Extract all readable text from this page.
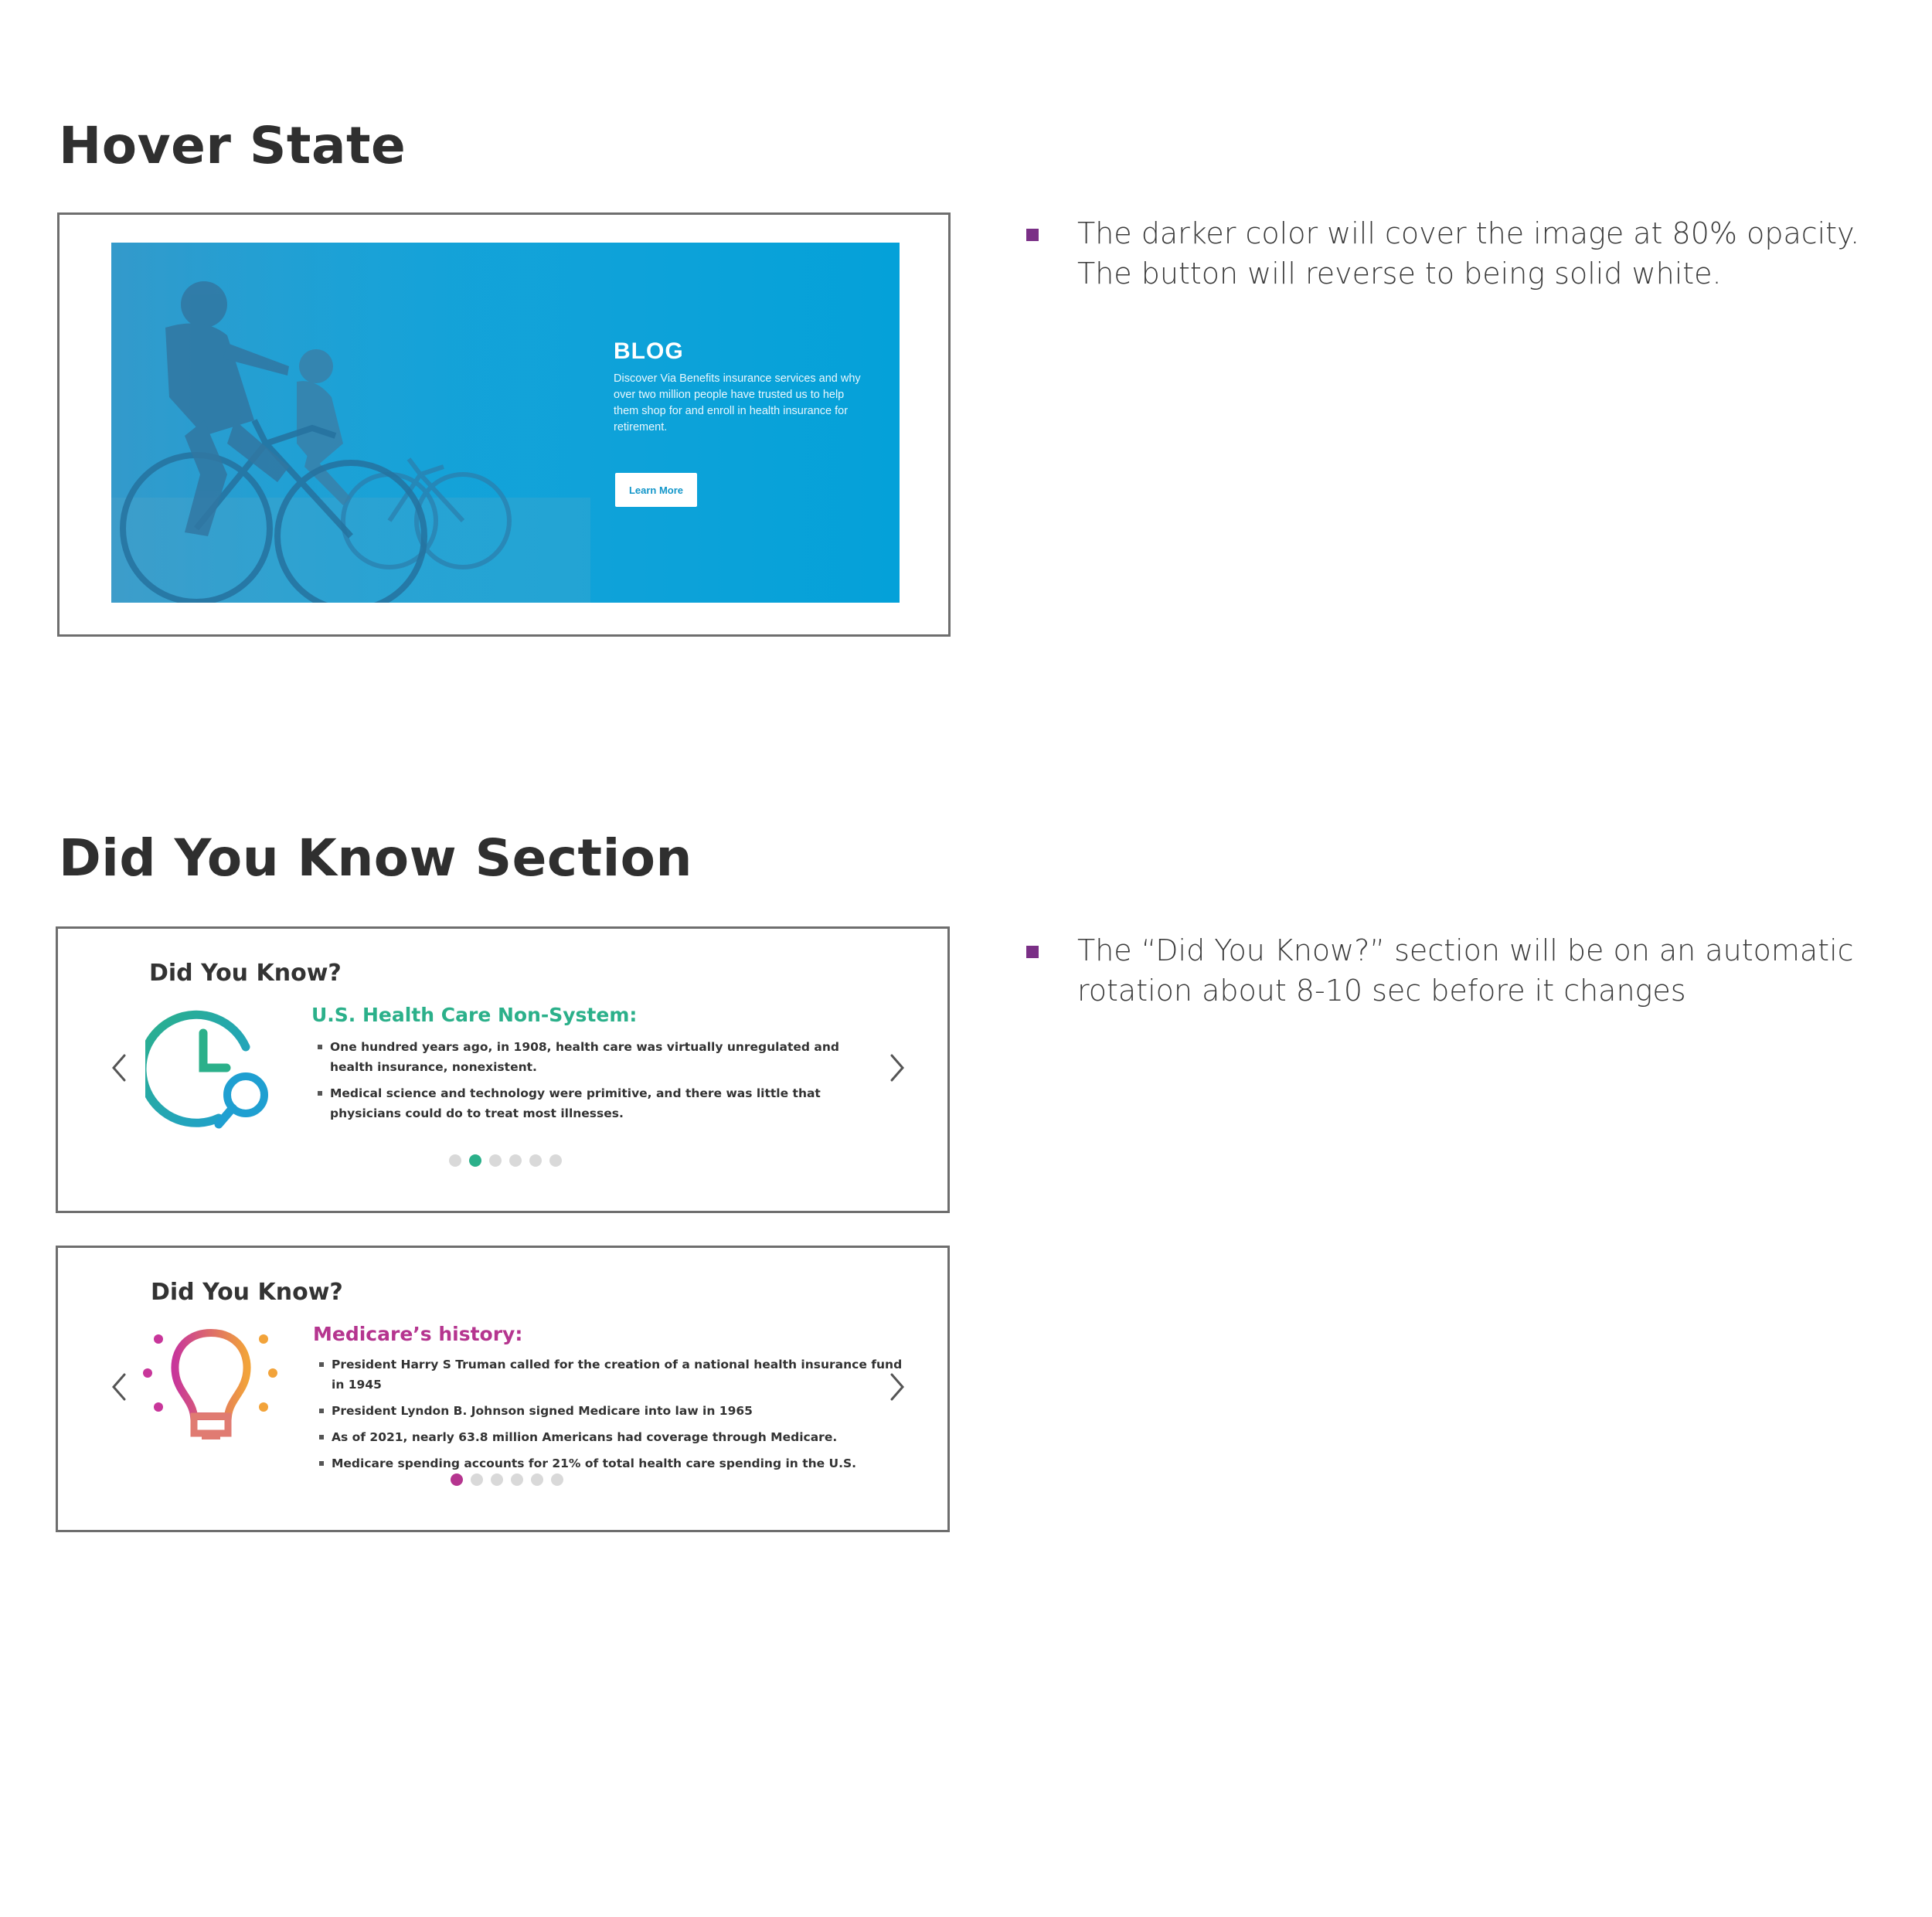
Hover State
BLOG
Discover Via Benefits insurance services and why over two million people have trusted us to help them shop for and enroll in health insurance for retirement.
Learn More
The darker color will cover the image at 80% opacity. The button will reverse to being solid white.
Did You Know Section
The “Did You Know?” section will be on an automatic rotation about 8-10 sec before it changes
Did You Know?
U.S. Health Care Non-System:
One hundred years ago, in 1908, health care was virtually unregulated and health insurance, nonexistent.
Medical science and technology were primitive, and there was little that physicians could do to treat most illnesses.
Did You Know?
Medicare’s history:
President Harry S Truman called for the creation of a national health insurance fund in 1945
President Lyndon B. Johnson signed Medicare into law in 1965
As of 2021, nearly 63.8 million Americans had coverage through Medicare.
Medicare spending accounts for 21% of total health care spending in the U.S.
